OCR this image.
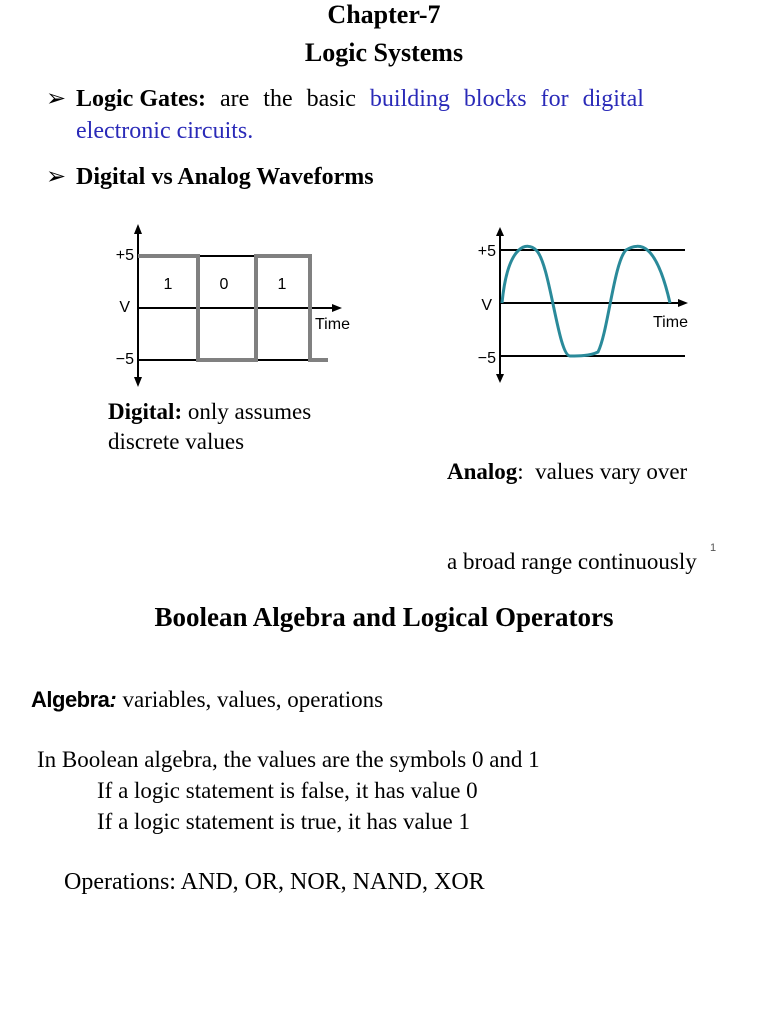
Chapter-7
Logic Systems
➢ Logic Gates: are the basic building blocks for digital
electronic circuits.
➢ Digital vs Analog Waveforms
+5
V
−5
1	0	1
Time
+5
V
−5
Time
Digital: only assumes
discrete values

Analog:  values vary over

a broad range continuously

1
Boolean Algebra and Logical Operators
Algebra: variables, values, operations
In Boolean algebra, the values are the symbols 0 and 1
If a logic statement is false, it has value 0
If a logic statement is true, it has value 1
Operations: AND, OR, NOR, NAND, XOR
